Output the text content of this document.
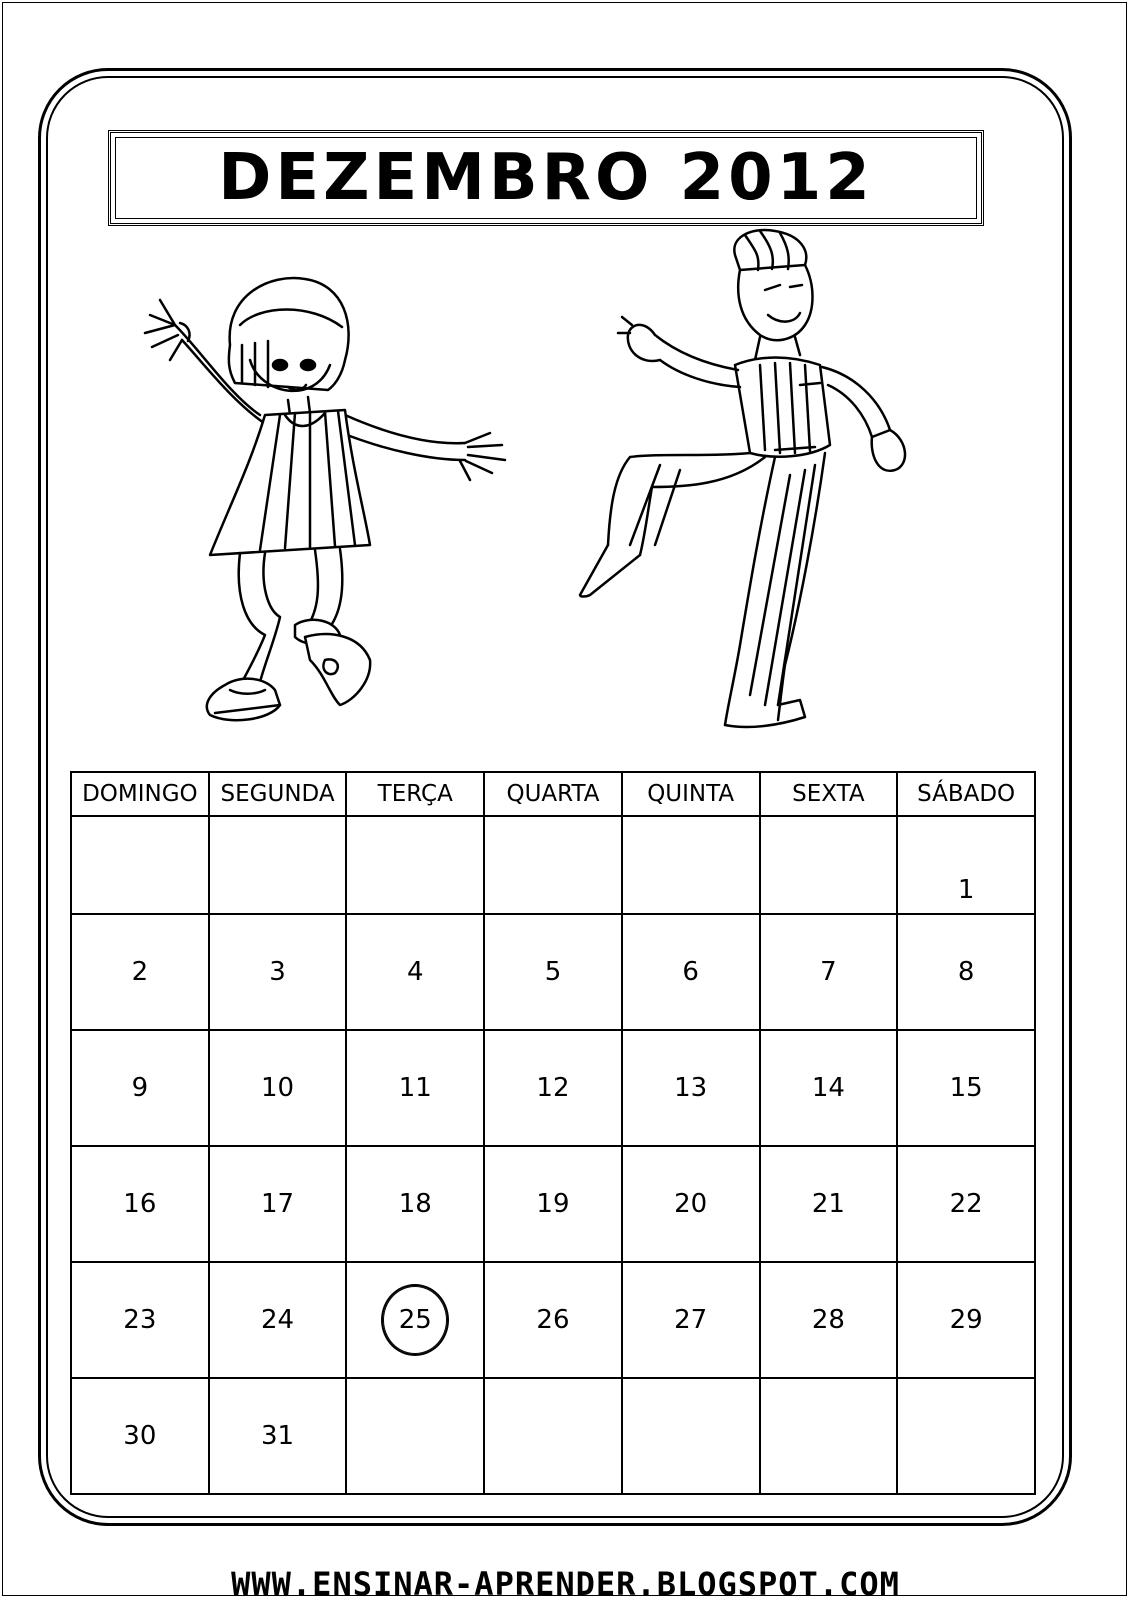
DEZEMBRO 2012
DOMINGO	SEGUNDA	TERÇA	QUARTA	QUINTA	SEXTA	SÁBADO
						1
2	3	4	5	6	7	8
9	10	11	12	13	14	15
16	17	18	19	20	21	22
23	24	25	26	27	28	29
30	31					
WWW.ENSINAR-APRENDER.BLOGSPOT.COM
